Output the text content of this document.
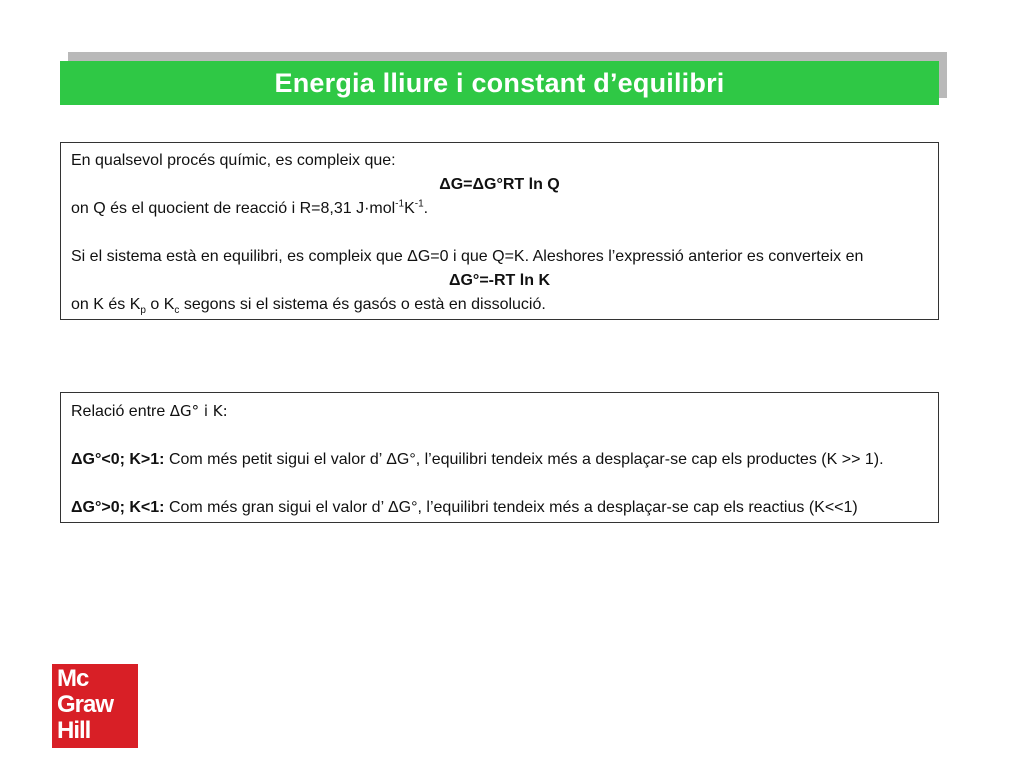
Energia lliure i constant d’equilibri
En qualsevol procés químic, es compleix que:
ΔG=ΔG°RT ln Q
on Q és el quocient de reacció i R=8,31 $J\cdot mol^{-1}K^{-1}$.
Si el sistema està en equilibri, es compleix que ΔG=0 i que Q=K. Aleshores l’expressió anterior es converteix en
ΔG°=-RT ln K
on K és $K_p$ o $K_c$ segons si el sistema és gasós o està en dissolució.
Relació entre ΔG° i K:
ΔG°<0; K>1: Com més petit sigui el valor d’ ΔG°, l’equilibri tendeix més a desplaçar-se cap els productes (K >> 1).
ΔG°>0; K<1: Com més gran sigui el valor d’ ΔG°, l’equilibri tendeix més a desplaçar-se cap els reactius (K<<1)
Mc
Graw
Hill
